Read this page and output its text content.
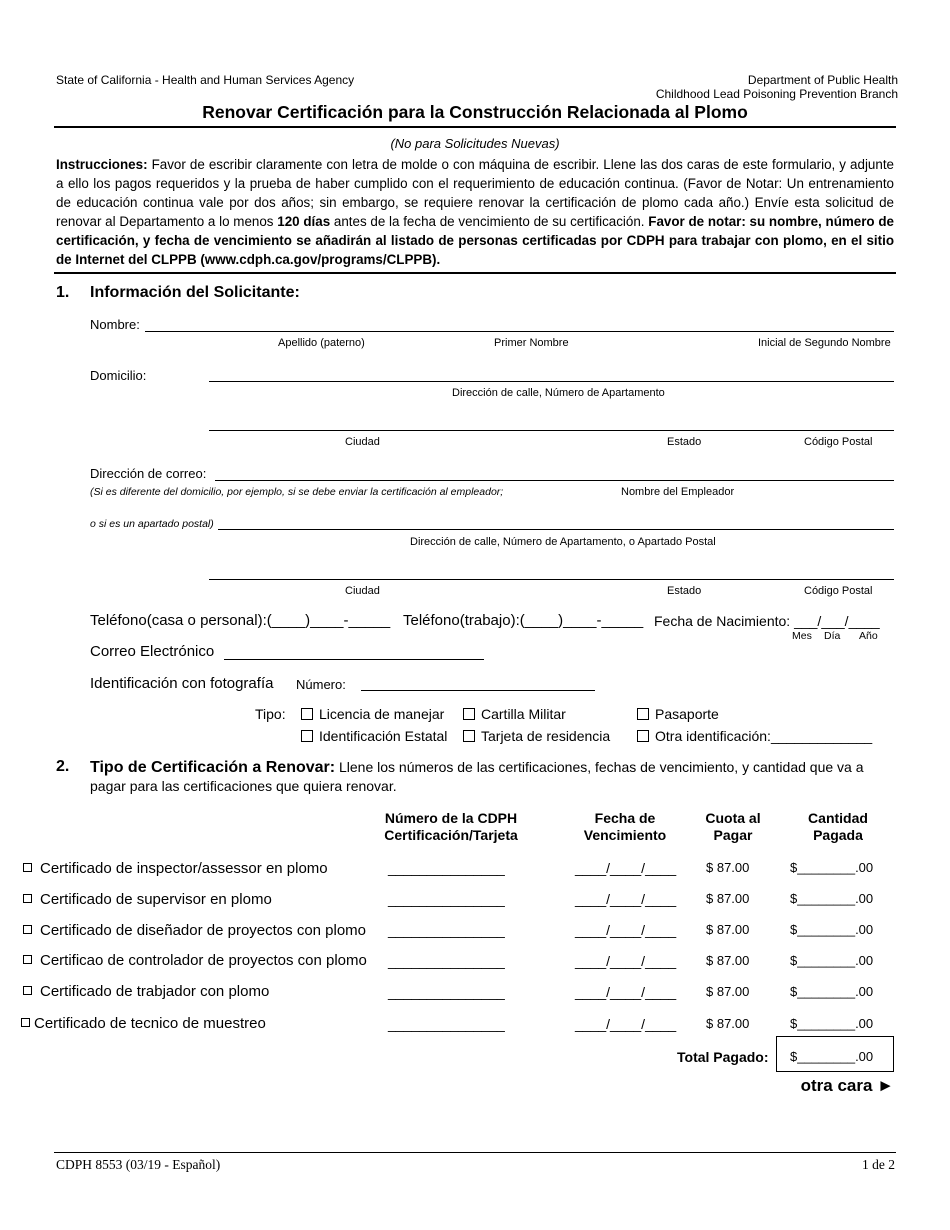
State of California - Health and Human Services Agency	Department of Public Health
Childhood Lead Poisoning Prevention Branch
Renovar Certificación para la Construcción Relacionada al Plomo
(No para Solicitudes Nuevas)
Instrucciones: Favor de escribir claramente con letra de molde o con máquina de escribir. Llene las dos caras de este formulario, y adjunte a ello los pagos requeridos y la prueba de haber cumplido con el requerimiento de educación continua. (Favor de Notar: Un entrenamiento de educación continua vale por dos años; sin embargo, se requiere renovar la certificación de plomo cada año.) Envíe esta solicitud de renovar al Departamento a lo menos 120 días antes de la fecha de vencimiento de su certificación. Favor de notar: su nombre, número de certificación, y fecha de vencimiento se añadirán al listado de personas certificadas por CDPH para trabajar con plomo, en el sitio de Internet del CLPPB (www.cdph.ca.gov/programs/CLPPB).
1. Información del Solicitante:
Nombre:
Apellido (paterno)	Primer Nombre	Inicial de Segundo Nombre
Domicilio:
Dirección de calle, Número de Apartamento
Ciudad	Estado	Código Postal
Dirección de correo:
(Si es diferente del domicilio, por ejemplo, si se debe enviar la certificación al empleador;	Nombre del Empleador
o si es un apartado postal)
Dirección de calle, Número de Apartamento, o Apartado Postal
Ciudad	Estado	Código Postal
Teléfono(casa o personal):(____)____-_____ Teléfono(trabajo):(____)____-_____ Fecha de Nacimiento: ___/___/____
Mes Día Año
Correo Electrónico
Identificación con fotografía Número:
Tipo:	Licencia de manejar	Cartilla Militar	Pasaporte
Identificación Estatal	Tarjeta de residencia	Otra identificación:_____________
2. Tipo de Certificación a Renovar: Llene los números de las certificaciones, fechas de vencimiento, y cantidad que va a
pagar para las certificaciones que quiera renovar.
Número de la CDPH
Certificación/Tarjeta
Fecha de
Vencimiento
Cuota al
Pagar
Cantidad
Pagada
Certificado de inspector/assessor en plomo	_______________	____/____/____ $ 87.00	$________.00
Certificado de supervisor en plomo	_______________	____/____/____ $ 87.00	$________.00
Certificado de diseñador de proyectos con plomo _______________	____/____/____ $ 87.00	$________.00
Certificao de controlador de proyectos con plomo _______________	____/____/____ $ 87.00	$________.00
Certificado de trabjador con plomo	_______________	____/____/____ $ 87.00	$________.00
Certificado de tecnico de muestreo	_______________	____/____/____ $ 87.00	$________.00
Total Pagado: $________.00
otra cara ►
CDPH 8553 (03/19 - Español)	1 de 2
